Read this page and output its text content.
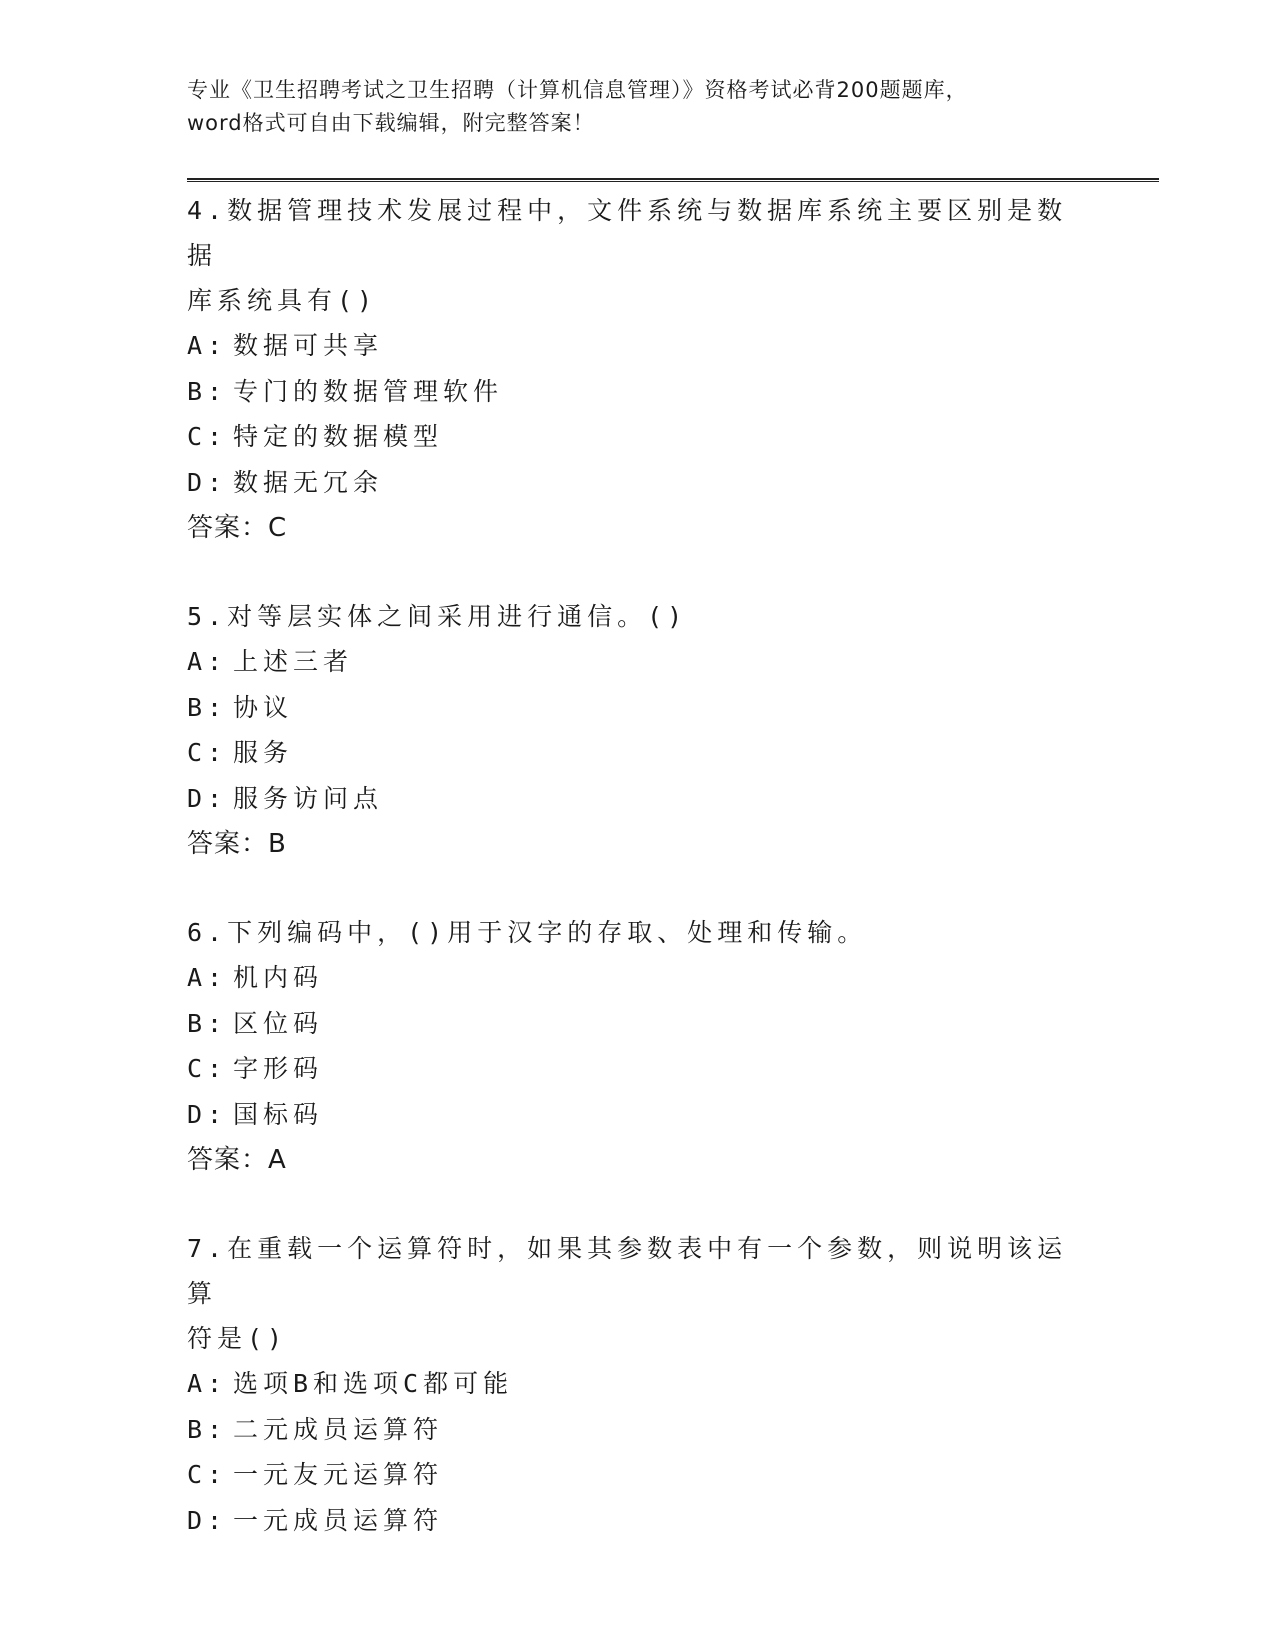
专业《卫生招聘考试之卫生招聘（计算机信息管理）》资格考试必背200题题库，
word格式可自由下载编辑，附完整答案！
4.数据管理技术发展过程中，文件系统与数据库系统主要区别是数据
库系统具有()
A: 数据可共享
B: 专门的数据管理软件
C: 特定的数据模型
D: 数据无冗余
答案：C
5.对等层实体之间采用进行通信。()
A: 上述三者
B: 协议
C: 服务
D: 服务访问点
答案：B
6.下列编码中，()用于汉字的存取、处理和传输。
A: 机内码
B: 区位码
C: 字形码
D: 国标码
答案：A
7.在重载一个运算符时，如果其参数表中有一个参数，则说明该运算
符是()
A: 选项B和选项C都可能
B: 二元成员运算符
C: 一元友元运算符
D: 一元成员运算符
